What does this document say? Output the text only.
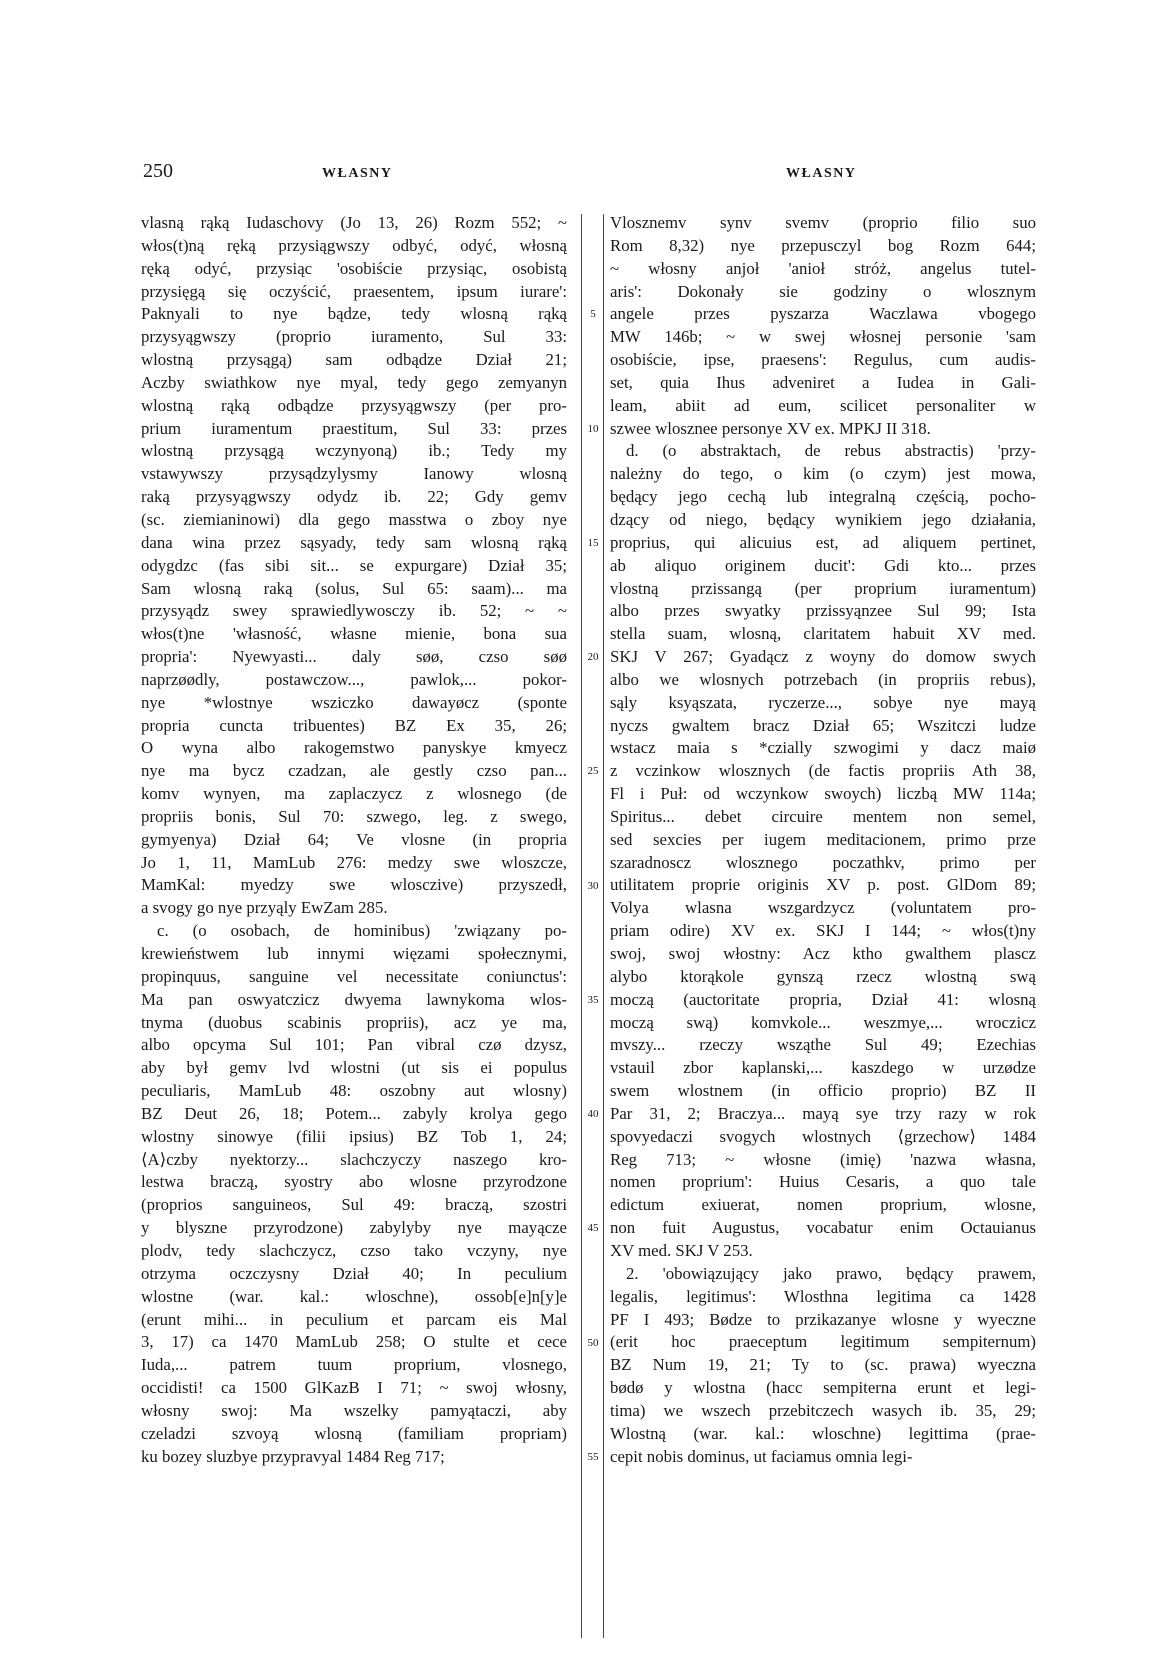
250	WŁASNY	WŁASNY
vlasną rąką Iudaschovy (Jo 13, 26) Rozm 552; ~
włos(t)ną ręką przysiągwszy odbyć, odyć, włosną
ręką odyć, przysiąc 'osobiście przysiąc, osobistą
przysięgą się oczyścić, praesentem, ipsum iurare':
Paknyali to nye bądze, tedy wlosną rąką
przysyągwszy (proprio iuramento, Sul 33:
wlostną przysągą) sam odbądze Dział 21;
Aczby swiathkow nye myal, tedy gego zemyanyn
wlostną rąką odbądze przysyągwszy (per pro-
prium iuramentum praestitum, Sul 33: przes
wlostną przysągą wczynyoną) ib.; Tedy my
vstawywszy przysądzylysmy Ianowy wlosną
raką przysyągwszy odydz ib. 22; Gdy gemv
(sc. ziemianinowi) dla gego masstwa o zboy nye
dana wina przez sąsyady, tedy sam wlosną rąką
odygdzc (fas sibi sit... se expurgare) Dział 35;
Sam wlosną raką (solus, Sul 65: saam)... ma
przysyądz swey sprawiedlywosczy ib. 52; ~ ~
włos(t)ne 'własność, własne mienie, bona sua
propria': Nyewyasti... daly søø, czso søø
naprzøødly, postawczow..., pawlok,... pokor-
nye *wlostnye wsziczko dawayøcz (sponte
propria cuncta tribuentes) BZ Ex 35, 26;
O wyna albo rakogemstwo panyskye kmyecz
nye ma bycz czadzan, ale gestly czso pan...
komv wynyen, ma zaplaczycz z wlosnego (de
propriis bonis, Sul 70: szwego, leg. z swego,
gymyenya) Dział 64; Ve vlosne (in propria
Jo 1, 11, MamLub 276: medzy swe wloszcze,
MamKal: myedzy swe wlosczive) przyszedł,
a svogy go nye przyąly EwZam 285.
c. (o osobach, de hominibus) 'związany po-
krewieństwem lub innymi więzami społecznymi,
propinquus, sanguine vel necessitate coniunctus':
Ma pan oswyatczicz dwyema lawnykoma wlos-
tnyma (duobus scabinis propriis), acz ye ma,
albo opcyma Sul 101; Pan vibral czø dzysz,
aby był gemv lvd wlostni (ut sis ei populus
peculiaris, MamLub 48: oszobny aut wlosny)
BZ Deut 26, 18; Potem... zabyly krolya gego
wlostny sinowye (filii ipsius) BZ Tob 1, 24;
⟨A⟩czby nyektorzy... slachczyczy naszego kro-
lestwa braczą, syostry abo wlosne przyrodzone
(proprios sanguineos, Sul 49: braczą, szostri
y blyszne przyrodzone) zabylyby nye mayącze
plodv, tedy slachczycz, czso tako vczyny, nye
otrzyma oczczysny Dział 40; In peculium
wlostne (war. kal.: wloschne), ossob[e]n[y]e
(erunt mihi... in peculium et parcam eis Mal
3, 17) ca 1470 MamLub 258; O stulte et cece
Iuda,... patrem tuum proprium, vlosnego,
occidisti! ca 1500 GlKazB I 71; ~ swoj włosny,
włosny swoj: Ma wszelky pamyątaczi, aby
czeladzi szvoyą wlosną (familiam propriam)
ku bozey sluzbye przypravyal 1484 Reg 717;
5
10
15
20
25
30
35
40
45
50
55
Vlosznemv synv svemv (proprio filio suo
Rom 8,32) nye przepusczyl bog Rozm 644;
~ włosny anjoł 'anioł stróż, angelus tutel-
aris': Dokonały sie godziny o wlosznym
angele przes pyszarza Waczlawa vbogego
MW 146b; ~ w swej włosnej personie 'sam
osobiście, ipse, praesens': Regulus, cum audis-
set, quia Ihus adveniret a Iudea in Gali-
leam, abiit ad eum, scilicet personaliter w
szwee wlosznee personye XV ex. MPKJ II 318.
d. (o abstraktach, de rebus abstractis) 'przy-
należny do tego, o kim (o czym) jest mowa,
będący jego cechą lub integralną częścią, pocho-
dzący od niego, będący wynikiem jego działania,
proprius, qui alicuius est, ad aliquem pertinet,
ab aliquo originem ducit': Gdi kto... przes
vlostną przissangą (per proprium iuramentum)
albo przes swyatky przissyąnzee Sul 99; Ista
stella suam, wlosną, claritatem habuit XV med.
SKJ V 267; Gyadącz z woyny do domow swych
albo we wlosnych potrzebach (in propriis rebus),
sąly ksyąszata, ryczerze..., sobye nye mayą
nyczs gwaltem bracz Dział 65; Wszitczi ludze
wstacz maia s *czially szwogimi y dacz maiø
z vczinkow wlosznych (de factis propriis Ath 38,
Fl i Puł: od wczynkow swoych) liczbą MW 114a;
Spiritus... debet circuire mentem non semel,
sed sexcies per iugem meditacionem, primo prze
szaradnoscz wlosznego poczathkv, primo per
utilitatem proprie originis XV p. post. GlDom 89;
Volya wlasna wszgardzycz (voluntatem pro-
priam odire) XV ex. SKJ I 144; ~ włos(t)ny
swoj, swoj włostny: Acz ktho gwalthem plascz
alybo ktorąkole gynszą rzecz wlostną swą
moczą (auctoritate propria, Dział 41: wlosną
moczą swą) komvkole... weszmye,... wroczicz
mvszy... rzeczy wsząthe Sul 49; Ezechias
vstauil zbor kaplanski,... kaszdego w urzødze
swem wlostnem (in officio proprio) BZ II
Par 31, 2; Braczya... mayą sye trzy razy w rok
spovyedaczi svogych wlostnych ⟨grzechow⟩ 1484
Reg 713; ~ włosne (imię) 'nazwa własna,
nomen proprium': Huius Cesaris, a quo tale
edictum exiuerat, nomen proprium, wlosne,
non fuit Augustus, vocabatur enim Octauianus
XV med. SKJ V 253.
2. 'obowiązujący jako prawo, będący prawem,
legalis, legitimus': Wlosthna legitima ca 1428
PF I 493; Bødze to przikazanye wlosne y wyeczne
(erit hoc praeceptum legitimum sempiternum)
BZ Num 19, 21; Ty to (sc. prawa) wyeczna
bødø y wlostna (hacc sempiterna erunt et legi-
tima) we wszech przebitczech wasych ib. 35, 29;
Wlostną (war. kal.: wloschne) legittima (prae-
cepit nobis dominus, ut faciamus omnia legi-
